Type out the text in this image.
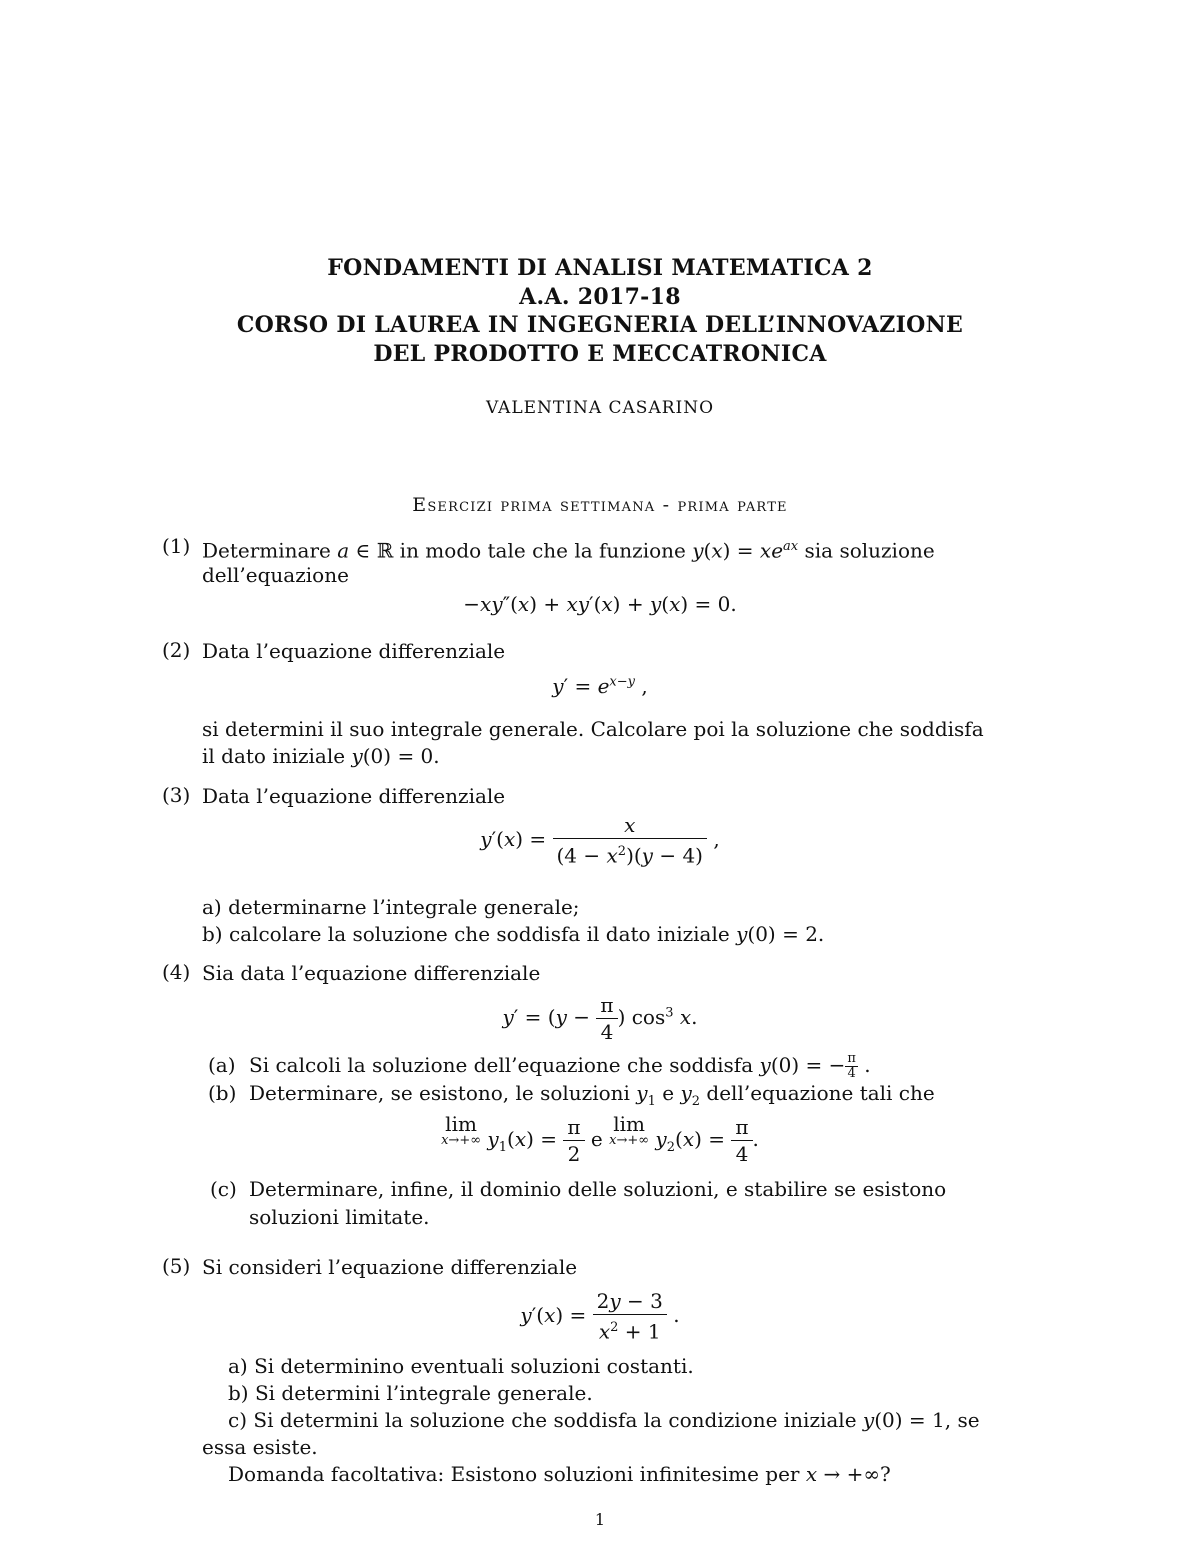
FONDAMENTI DI ANALISI MATEMATICA 2
A.A. 2017-18
CORSO DI LAUREA IN INGEGNERIA DELL’INNOVAZIONE
DEL PRODOTTO E MECCATRONICA
VALENTINA CASARINO
Esercizi prima settimana - prima parte
(1) Determinare a ∈ ℝ in modo tale che la funzione $y(x) = xe^{ax}$ sia soluzione
dell’equazione
−xy″(x) + xy′(x) + y(x) = 0.
(2) Data l’equazione differenziale
$y' = e^{x-y}$ ,
si determini il suo integrale generale. Calcolare poi la soluzione che soddisfa
il dato iniziale y(0) = 0.
(3) Data l’equazione differenziale
$y'(x) = \frac{x}{(4 - x^2)(y - 4)}$ ,
a) determinarne l’integrale generale;
b) calcolare la soluzione che soddisfa il dato iniziale y(0) = 2.
(4) Sia data l’equazione differenziale
$y' = (y - \frac{\pi}{4}$ ) $\cos^3 x$.
(a) Si calcoli la soluzione dell’equazione che soddisfa y(0) = − $\frac{\pi}{4}$ .
(b) Determinare, se esistono, le soluzioni $y_1$ e $y_2$ dell’equazione tali che
lim
x→+∞ $y_1(x) = \frac{\pi}{2}$ e lim
x→+∞ $y_2(x) = \frac{\pi}{4}$ .
(c) Determinare, infine, il dominio delle soluzioni, e stabilire se esistono
soluzioni limitate.
(5) Si consideri l’equazione differenziale
$y'(x) = \frac{2y - 3}{x^2 + 1}$ .
a) Si determinino eventuali soluzioni costanti.
b) Si determini l’integrale generale.
c) Si determini la soluzione che soddisfa la condizione iniziale y(0) = 1, se
essa esiste.
Domanda facoltativa: Esistono soluzioni infinitesime per x → +∞?
1
